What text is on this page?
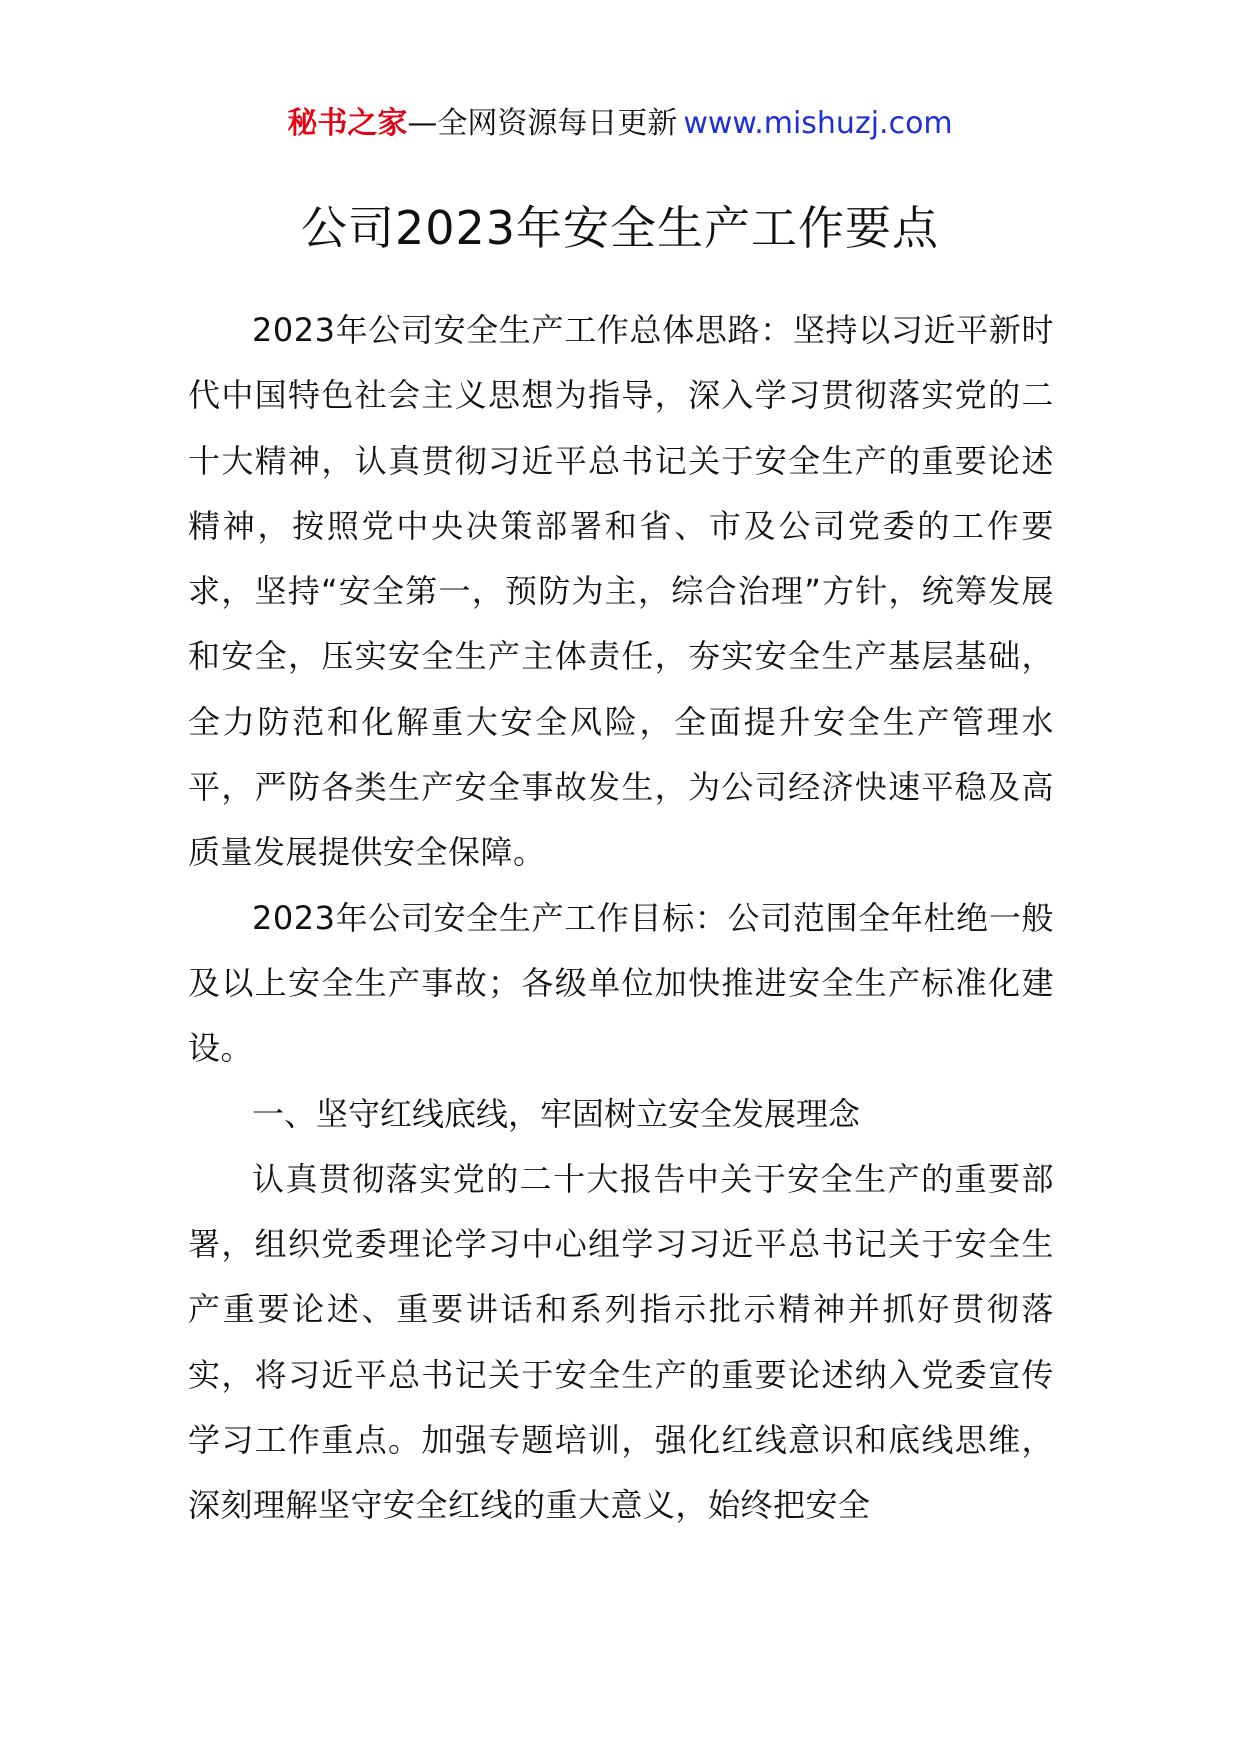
秘书之家—全网资源每日更新 www.mishuzj.com
公司2023年安全生产工作要点

2023年公司安全生产工作总体思路：坚持以习近平新时代中国特色社会主义思想为指导，深入学习贯彻落实党的二十大精神，认真贯彻习近平总书记关于安全生产的重要论述精神，按照党中央决策部署和省、市及公司党委的工作要求，坚持“安全第一，预防为主，综合治理”方针，统筹发展和安全，压实安全生产主体责任，夯实安全生产基层基础，全力防范和化解重大安全风险，全面提升安全生产管理水平，严防各类生产安全事故发生，为公司经济快速平稳及高质量发展提供安全保障。

2023年公司安全生产工作目标：公司范围全年杜绝一般及以上安全生产事故；各级单位加快推进安全生产标准化建设。

一、坚守红线底线，牢固树立安全发展理念

认真贯彻落实党的二十大报告中关于安全生产的重要部署，组织党委理论学习中心组学习习近平总书记关于安全生产重要论述、重要讲话和系列指示批示精神并抓好贯彻落实，将习近平总书记关于安全生产的重要论述纳入党委宣传学习工作重点。加强专题培训，强化红线意识和底线思维，深刻理解坚守安全红线的重大意义，始终把安全
